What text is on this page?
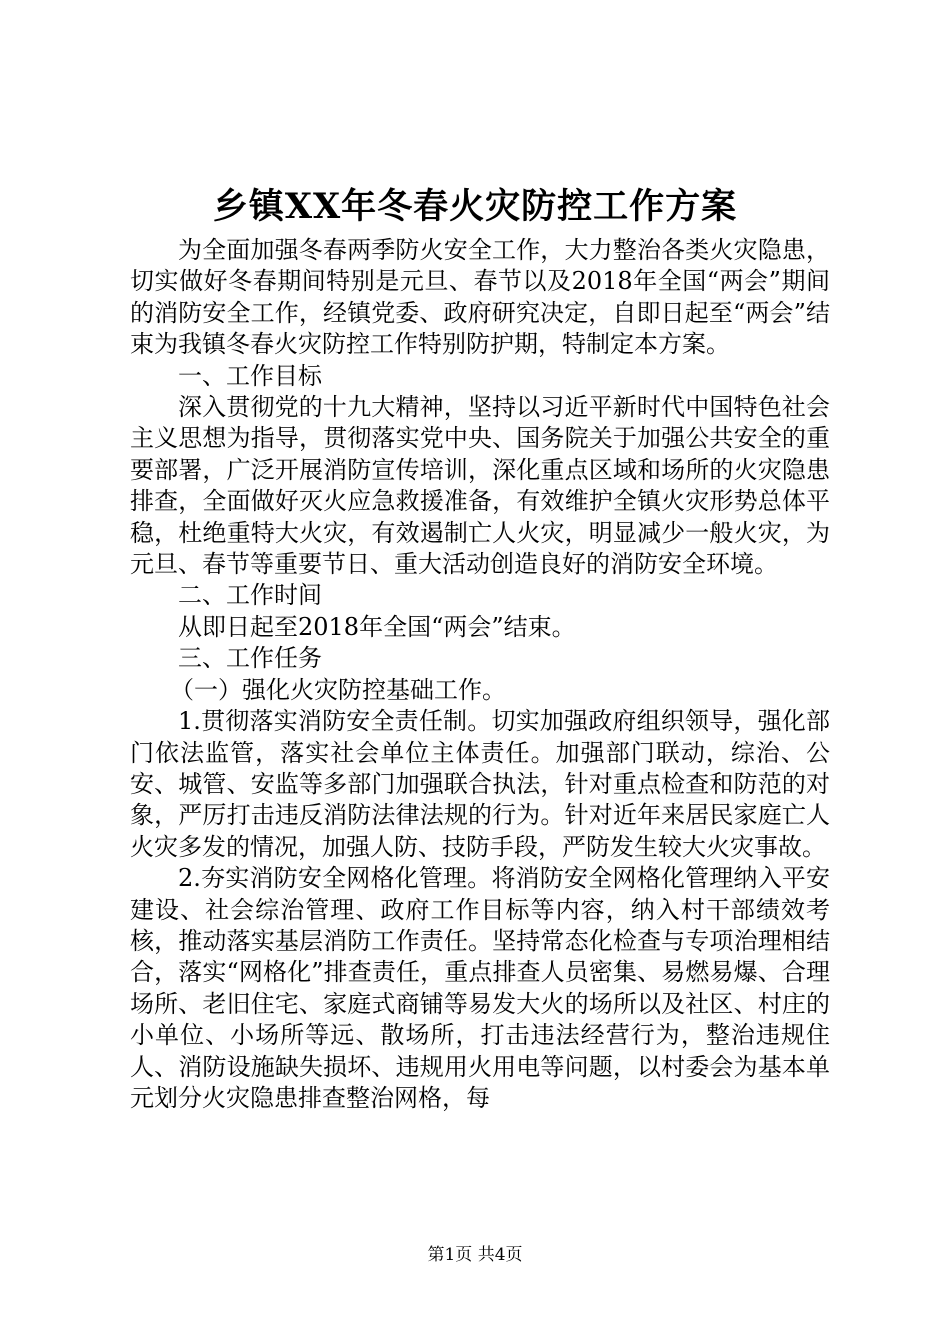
乡镇XX年冬春火灾防控工作方案

为全面加强冬春两季防火安全工作，大力整治各类火灾隐患，切实做好冬春期间特别是元旦、春节以及2018年全国“两会”期间的消防安全工作，经镇党委、政府研究决定，自即日起至“两会”结束为我镇冬春火灾防控工作特别防护期，特制定本方案。

一、工作目标

深入贯彻党的十九大精神，坚持以习近平新时代中国特色社会主义思想为指导，贯彻落实党中央、国务院关于加强公共安全的重要部署，广泛开展消防宣传培训，深化重点区域和场所的火灾隐患排查，全面做好灭火应急救援准备，有效维护全镇火灾形势总体平稳，杜绝重特大火灾，有效遏制亡人火灾，明显减少一般火灾，为元旦、春节等重要节日、重大活动创造良好的消防安全环境。

二、工作时间

从即日起至2018年全国“两会”结束。

三、工作任务

（一）强化火灾防控基础工作。

1.贯彻落实消防安全责任制。切实加强政府组织领导，强化部门依法监管，落实社会单位主体责任。加强部门联动，综治、公安、城管、安监等多部门加强联合执法，针对重点检查和防范的对象，严厉打击违反消防法律法规的行为。针对近年来居民家庭亡人火灾多发的情况，加强人防、技防手段，严防发生较大火灾事故。

2.夯实消防安全网格化管理。将消防安全网格化管理纳入平安建设、社会综治管理、政府工作目标等内容，纳入村干部绩效考核，推动落实基层消防工作责任。坚持常态化检查与专项治理相结合，落实“网格化”排查责任，重点排查人员密集、易燃易爆、合理场所、老旧住宅、家庭式商铺等易发大火的场所以及社区、村庄的小单位、小场所等远、散场所，打击违法经营行为，整治违规住人、消防设施缺失损坏、违规用火用电等问题，以村委会为基本单元划分火灾隐患排查整治网格，每

第1页 共4页
